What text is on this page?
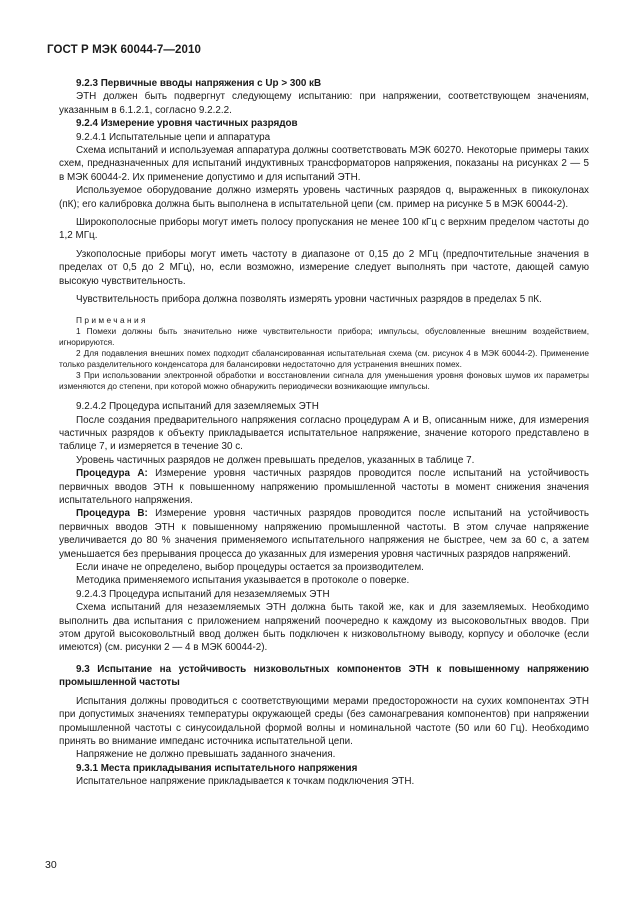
ГОСТ Р МЭК 60044-7—2010

9.2.3 Первичные вводы напряжения с Uр > 300 кВ

ЭТН должен быть подвергнут следующему испытанию: при напряжении, соответствующем значениям, указанным в 6.1.2.1, согласно 9.2.2.2.

9.2.4 Измерение уровня частичных разрядов

9.2.4.1 Испытательные цепи и аппаратура

Схема испытаний и используемая аппаратура должны соответствовать МЭК 60270. Некоторые примеры таких схем, предназначенных для испытаний индуктивных трансформаторов напряжения, показаны на рисунках 2 — 5 в МЭК 60044-2. Их применение допустимо и для испытаний ЭТН.

Используемое оборудование должно измерять уровень частичных разрядов q, выраженных в пикокулонах (пК); его калибровка должна быть выполнена в испытательной цепи (см. пример на рисунке 5 в МЭК 60044-2).

Широкополосные приборы могут иметь полосу пропускания не менее 100 кГц с верхним пределом частоты до 1,2 МГц.

Узкополосные приборы могут иметь частоту в диапазоне от 0,15 до 2 МГц (предпочтительные значения в пределах от 0,5 до 2 МГц), но, если возможно, измерение следует выполнять при частоте, дающей самую высокую чувствительность.

Чувствительность прибора должна позволять измерять уровни частичных разрядов в пределах 5 пК.

Примечания

1 Помехи должны быть значительно ниже чувствительности прибора; импульсы, обусловленные внешним воздействием, игнорируются.

2 Для подавления внешних помех подходит сбалансированная испытательная схема (см. рисунок 4 в МЭК 60044-2). Применение только разделительного конденсатора для балансировки недостаточно для устранения внешних помех.

3 При использовании электронной обработки и восстановлении сигнала для уменьшения уровня фоновых шумов их параметры изменяются до степени, при которой можно обнаружить периодически возникающие импульсы.

9.2.4.2 Процедура испытаний для заземляемых ЭТН

После создания предварительного напряжения согласно процедурам А и В, описанным ниже, для измерения частичных разрядов к объекту прикладывается испытательное напряжение, значение которого представлено в таблице 7, и измеряется в течение 30 с.

Уровень частичных разрядов не должен превышать пределов, указанных в таблице 7.

Процедура А: Измерение уровня частичных разрядов проводится после испытаний на устойчивость первичных вводов ЭТН к повышенному напряжению промышленной частоты в момент снижения значения испытательного напряжения.

Процедура В: Измерение уровня частичных разрядов проводится после испытаний на устойчивость первичных вводов ЭТН к повышенному напряжению промышленной частоты. В этом случае напряжение увеличивается до 80 % значения применяемого испытательного напряжения не быстрее, чем за 60 с, а затем уменьшается без прерывания процесса до указанных для измерения уровня частичных разрядов напряжений.

Если иначе не определено, выбор процедуры остается за производителем.

Методика применяемого испытания указывается в протоколе о поверке.

9.2.4.3 Процедура испытаний для незаземляемых ЭТН

Схема испытаний для незаземляемых ЭТН должна быть такой же, как и для заземляемых. Необходимо выполнить два испытания с приложением напряжений поочередно к каждому из высоковольтных вводов. При этом другой высоковольтный ввод должен быть подключен к низковольтному выводу, корпусу и оболочке (если имеются) (см. рисунки 2 — 4 в МЭК 60044-2).

9.3 Испытание на устойчивость низковольтных компонентов ЭТН к повышенному напряжению промышленной частоты

Испытания должны проводиться с соответствующими мерами предосторожности на сухих компонентах ЭТН при допустимых значениях температуры окружающей среды (без самонагревания компонентов) при напряжении промышленной частоты с синусоидальной формой волны и номинальной частоте (50 или 60 Гц). Необходимо принять во внимание импеданс источника испытательной цепи.

Напряжение не должно превышать заданного значения.

9.3.1 Места прикладывания испытательного напряжения

Испытательное напряжение прикладывается к точкам подключения ЭТН.

30
